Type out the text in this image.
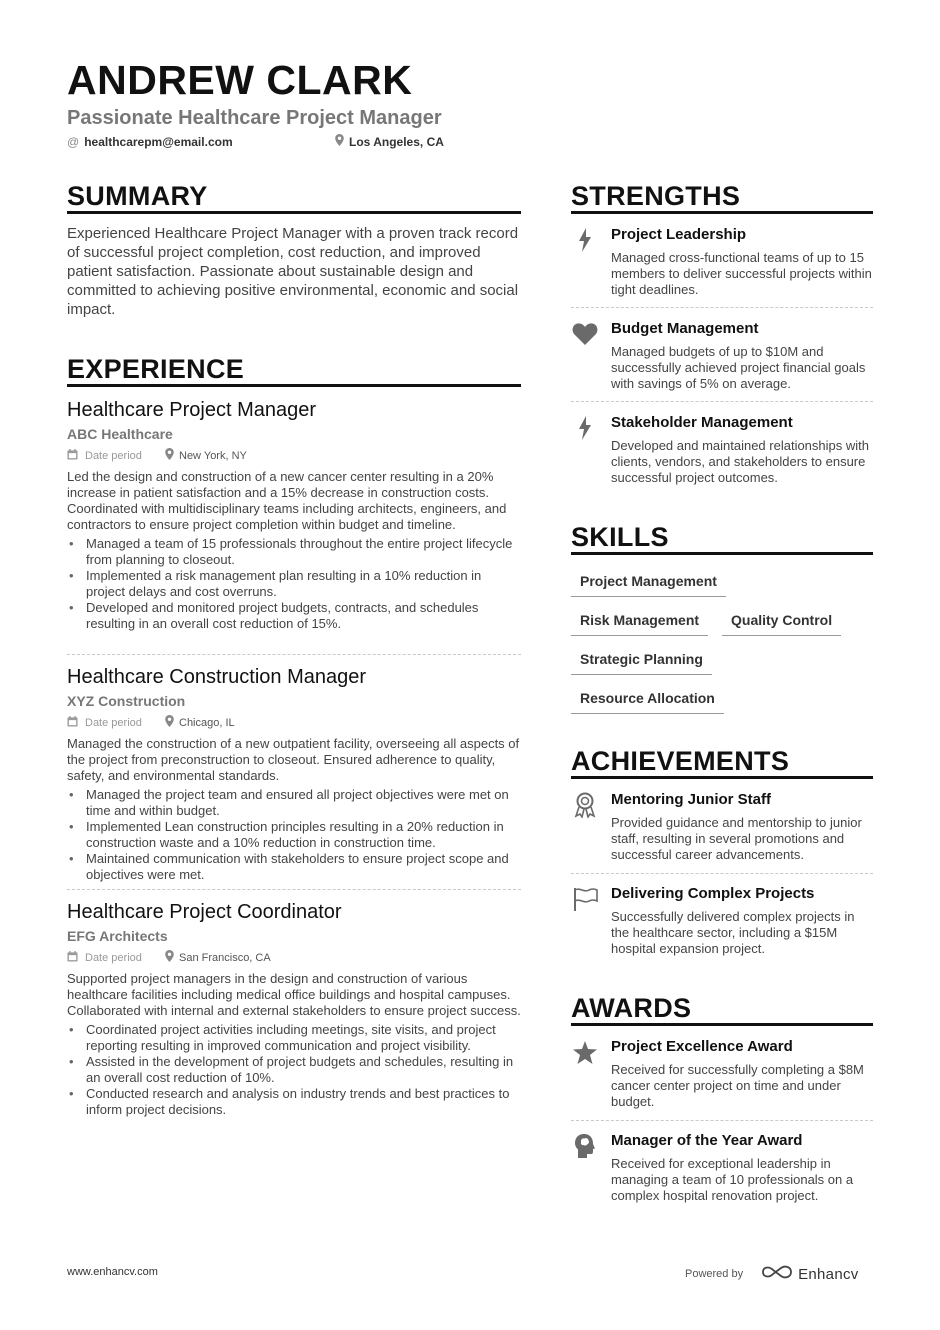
ANDREW CLARK
Passionate Healthcare Project Manager
@ healthcarepm@email.com	Los Angeles, CA
SUMMARY
Experienced Healthcare Project Manager with a proven track record of successful project completion, cost reduction, and improved patient satisfaction. Passionate about sustainable design and committed to achieving positive environmental, economic and social impact.
EXPERIENCE
Healthcare Project Manager
ABC Healthcare
Date period	New York, NY
Led the design and construction of a new cancer center resulting in a 20% increase in patient satisfaction and a 15% decrease in construction costs. Coordinated with multidisciplinary teams including architects, engineers, and contractors to ensure project completion within budget and timeline.
• Managed a team of 15 professionals throughout the entire project lifecycle from planning to closeout.
• Implemented a risk management plan resulting in a 10% reduction in project delays and cost overruns.
• Developed and monitored project budgets, contracts, and schedules resulting in an overall cost reduction of 15%.
Healthcare Construction Manager
XYZ Construction
Date period	Chicago, IL
Managed the construction of a new outpatient facility, overseeing all aspects of the project from preconstruction to closeout. Ensured adherence to quality, safety, and environmental standards.
• Managed the project team and ensured all project objectives were met on time and within budget.
• Implemented Lean construction principles resulting in a 20% reduction in construction waste and a 10% reduction in construction time.
• Maintained communication with stakeholders to ensure project scope and objectives were met.
Healthcare Project Coordinator
EFG Architects
Date period	San Francisco, CA
Supported project managers in the design and construction of various healthcare facilities including medical office buildings and hospital campuses. Collaborated with internal and external stakeholders to ensure project success.
• Coordinated project activities including meetings, site visits, and project reporting resulting in improved communication and project visibility.
• Assisted in the development of project budgets and schedules, resulting in an overall cost reduction of 10%.
• Conducted research and analysis on industry trends and best practices to inform project decisions.
STRENGTHS
Project Leadership
Managed cross-functional teams of up to 15 members to deliver successful projects within tight deadlines.
Budget Management
Managed budgets of up to $10M and successfully achieved project financial goals with savings of 5% on average.
Stakeholder Management
Developed and maintained relationships with clients, vendors, and stakeholders to ensure successful project outcomes.
SKILLS
Project Management
Risk Management	Quality Control
Strategic Planning
Resource Allocation
ACHIEVEMENTS
Mentoring Junior Staff
Provided guidance and mentorship to junior staff, resulting in several promotions and successful career advancements.
Delivering Complex Projects
Successfully delivered complex projects in the healthcare sector, including a $15M hospital expansion project.
AWARDS
Project Excellence Award
Received for successfully completing a $8M cancer center project on time and under budget.
Manager of the Year Award
Received for exceptional leadership in managing a team of 10 professionals on a complex hospital renovation project.
www.enhancv.com	Powered by	Enhancv
